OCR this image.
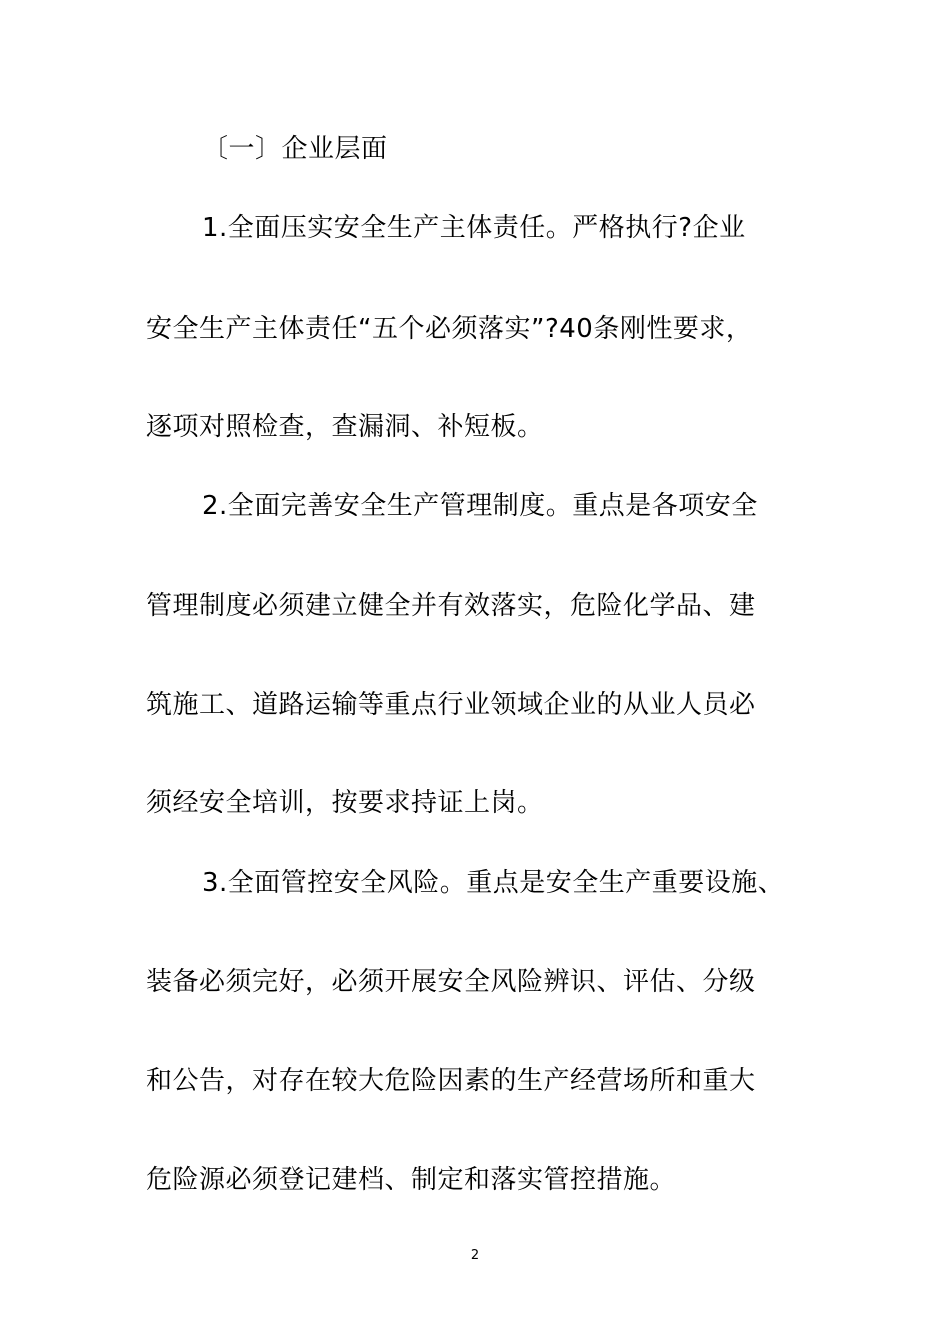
〔一〕企业层面

1.全面压实安全生产主体责任。严格执行?企业

安全生产主体责任“五个必须落实”?40条刚性要求，

逐项对照检查，查漏洞、补短板。

2.全面完善安全生产管理制度。重点是各项安全

管理制度必须建立健全并有效落实，危险化学品、建

筑施工、道路运输等重点行业领域企业的从业人员必

须经安全培训，按要求持证上岗。

3.全面管控安全风险。重点是安全生产重要设施、

装备必须完好，必须开展安全风险辨识、评估、分级

和公告，对存在较大危险因素的生产经营场所和重大

危险源必须登记建档、制定和落实管控措施。

2
